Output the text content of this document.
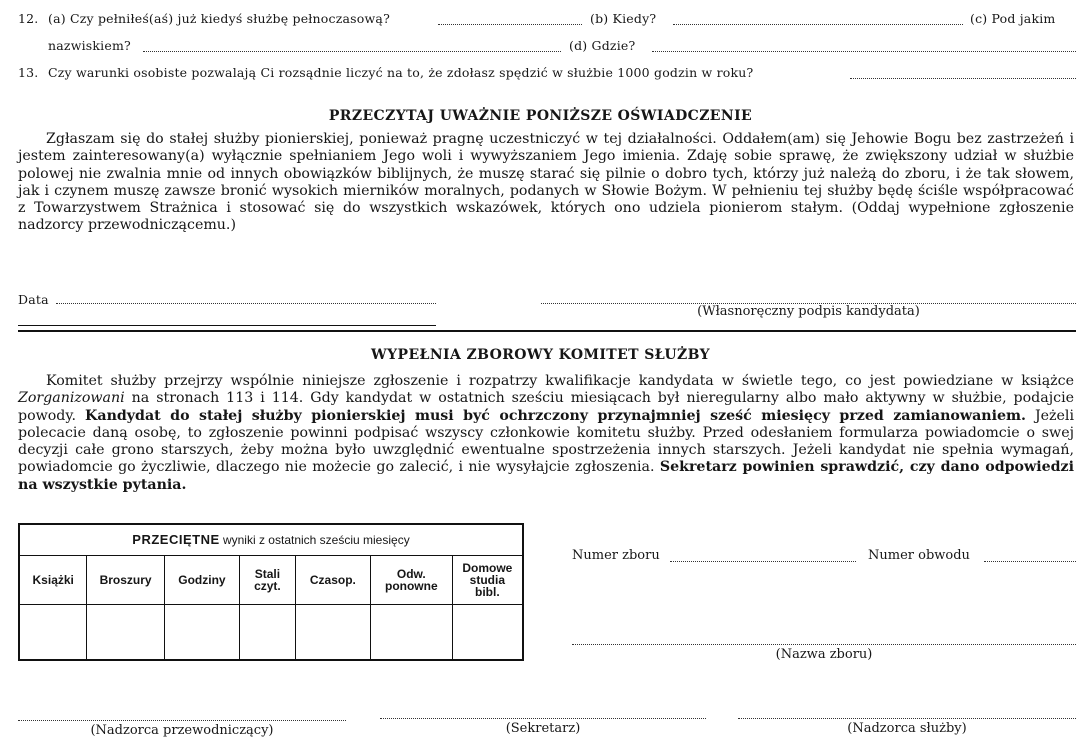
12. (a) Czy pełniłeś(aś) już kiedyś służbę pełnoczasową?	(b) Kiedy?	(c) Pod jakim
nazwiskiem?	(d) Gdzie?
13. Czy warunki osobiste pozwalają Ci rozsądnie liczyć na to, że zdołasz spędzić w służbie 1000 godzin w roku?
PRZECZYTAJ UWAŻNIE PONIŻSZE OŚWIADCZENIE
Zgłaszam się do stałej służby pionierskiej, ponieważ pragnę uczestniczyć w tej działalności. Oddałem(am) się Jehowie Bogu bez zastrzeżeń i jestem zainteresowany(a) wyłącznie spełnianiem Jego woli i wywyższaniem Jego imienia. Zdaję sobie sprawę, że zwiększony udział w służbie polowej nie zwalnia mnie od innych obowiązków biblijnych, że muszę starać się pilnie o dobro tych, którzy już należą do zboru, i że tak słowem, jak i czynem muszę zawsze bronić wysokich mierników moralnych, podanych w Słowie Bożym. W pełnieniu tej służby będę ściśle współpracować z Towarzystwem Strażnica i stosować się do wszystkich wskazówek, których ono udziela pionierom stałym. (Oddaj wypełnione zgłoszenie nadzorcy przewodniczącemu.)
Data
(Własnoręczny podpis kandydata)
WYPEŁNIA ZBOROWY KOMITET SŁUŻBY
Komitet służby przejrzy wspólnie niniejsze zgłoszenie i rozpatrzy kwalifikacje kandydata w świetle tego, co jest powiedziane w książce Zorganizowani na stronach 113 i 114. Gdy kandydat w ostatnich sześciu miesiącach był nieregularny albo mało aktywny w służbie, podajcie powody. Kandydat do stałej służby pionierskiej musi być ochrzczony przynajmniej sześć miesięcy przed zamianowaniem. Jeżeli polecacie daną osobę, to zgłoszenie powinni podpisać wszyscy członkowie komitetu służby. Przed odesłaniem formularza powiadomcie o swej decyzji całe grono starszych, żeby można było uwzględnić ewentualne spostrzeżenia innych starszych. Jeżeli kandydat nie spełnia wymagań, powiadomcie go życzliwie, dlaczego nie możecie go zalecić, i nie wysyłajcie zgłoszenia. Sekretarz powinien sprawdzić, czy dano odpowiedzi na wszystkie pytania.
PRZECIĘTNE wyniki z ostatnich sześciu miesięcy						
Książki	Broszury	Godziny	Stali czyt.	Czasop.	Odw. ponowne	Domowe studia bibl.

Numer zboru	Numer obwodu
(Nazwa zboru)
(Nadzorca przewodniczący)	(Sekretarz)	(Nadzorca służby)
